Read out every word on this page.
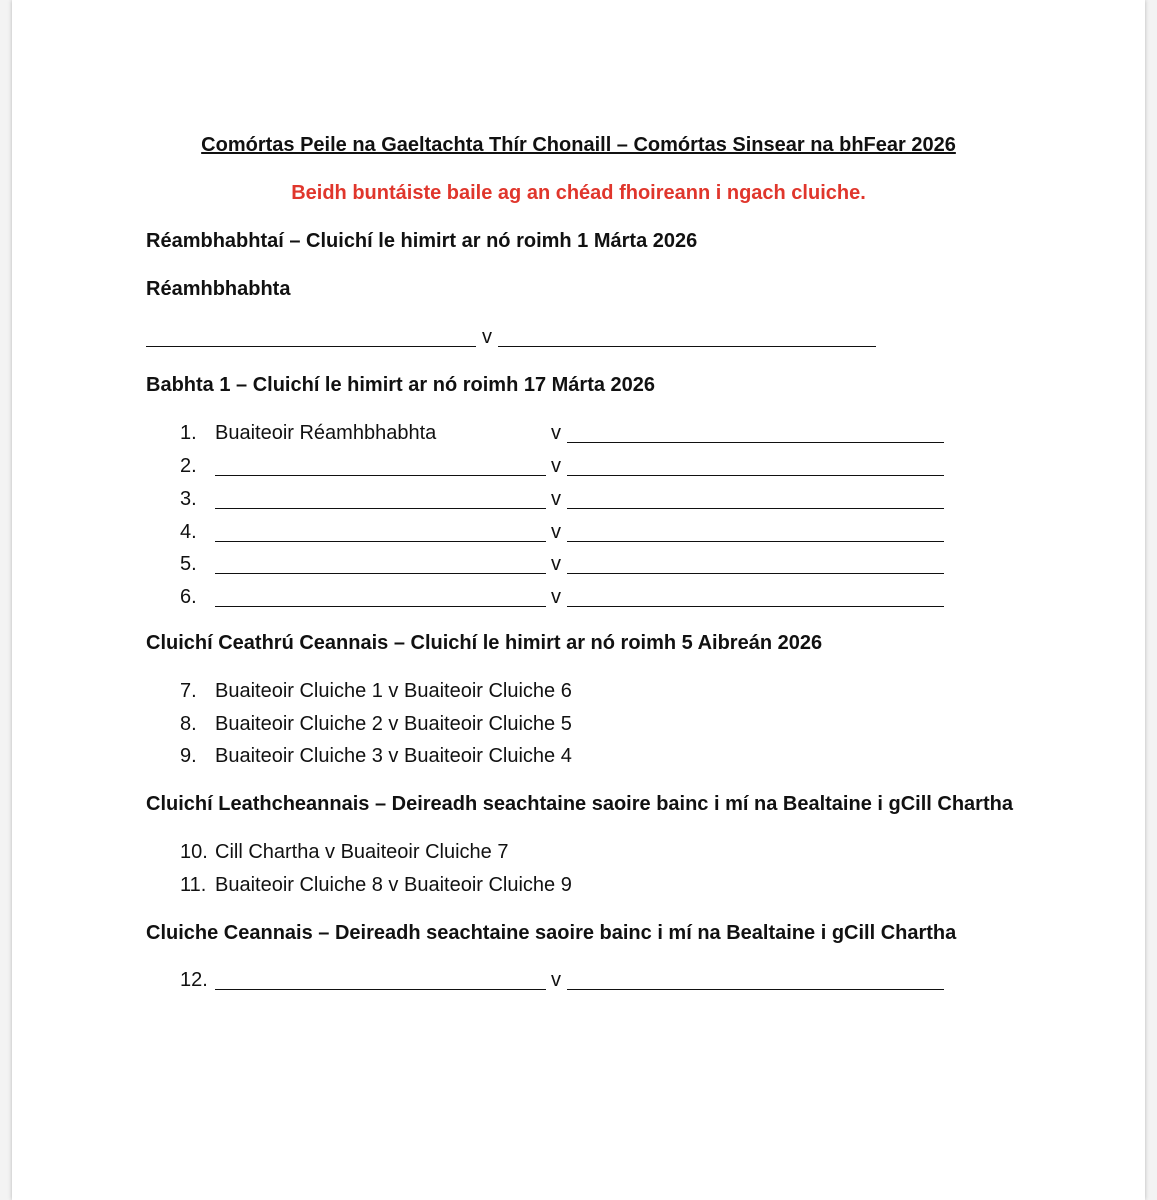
Comórtas Peile na Gaeltachta Thír Chonaill – Comórtas Sinsear na bhFear 2026
Beidh buntáiste baile ag an chéad fhoireann i ngach cluiche.
Réambhabhtaí – Cluichí le himirt ar nó roimh 1 Márta 2026
Réamhbhabhta
v
Babhta 1 – Cluichí le himirt ar nó roimh 17 Márta 2026
1. Buaiteoir Réamhbhabhta	v
2.	v
3.	v
4.	v
5.	v
6.	v
Cluichí Ceathrú Ceannais – Cluichí le himirt ar nó roimh 5 Aibreán 2026
7. Buaiteoir Cluiche 1 v Buaiteoir Cluiche 6
8. Buaiteoir Cluiche 2 v Buaiteoir Cluiche 5
9. Buaiteoir Cluiche 3 v Buaiteoir Cluiche 4
Cluichí Leathcheannais – Deireadh seachtaine saoire bainc i mí na Bealtaine i gCill Chartha
10. Cill Chartha v Buaiteoir Cluiche 7
11. Buaiteoir Cluiche 8 v Buaiteoir Cluiche 9
Cluiche Ceannais – Deireadh seachtaine saoire bainc i mí na Bealtaine i gCill Chartha
12.	v
